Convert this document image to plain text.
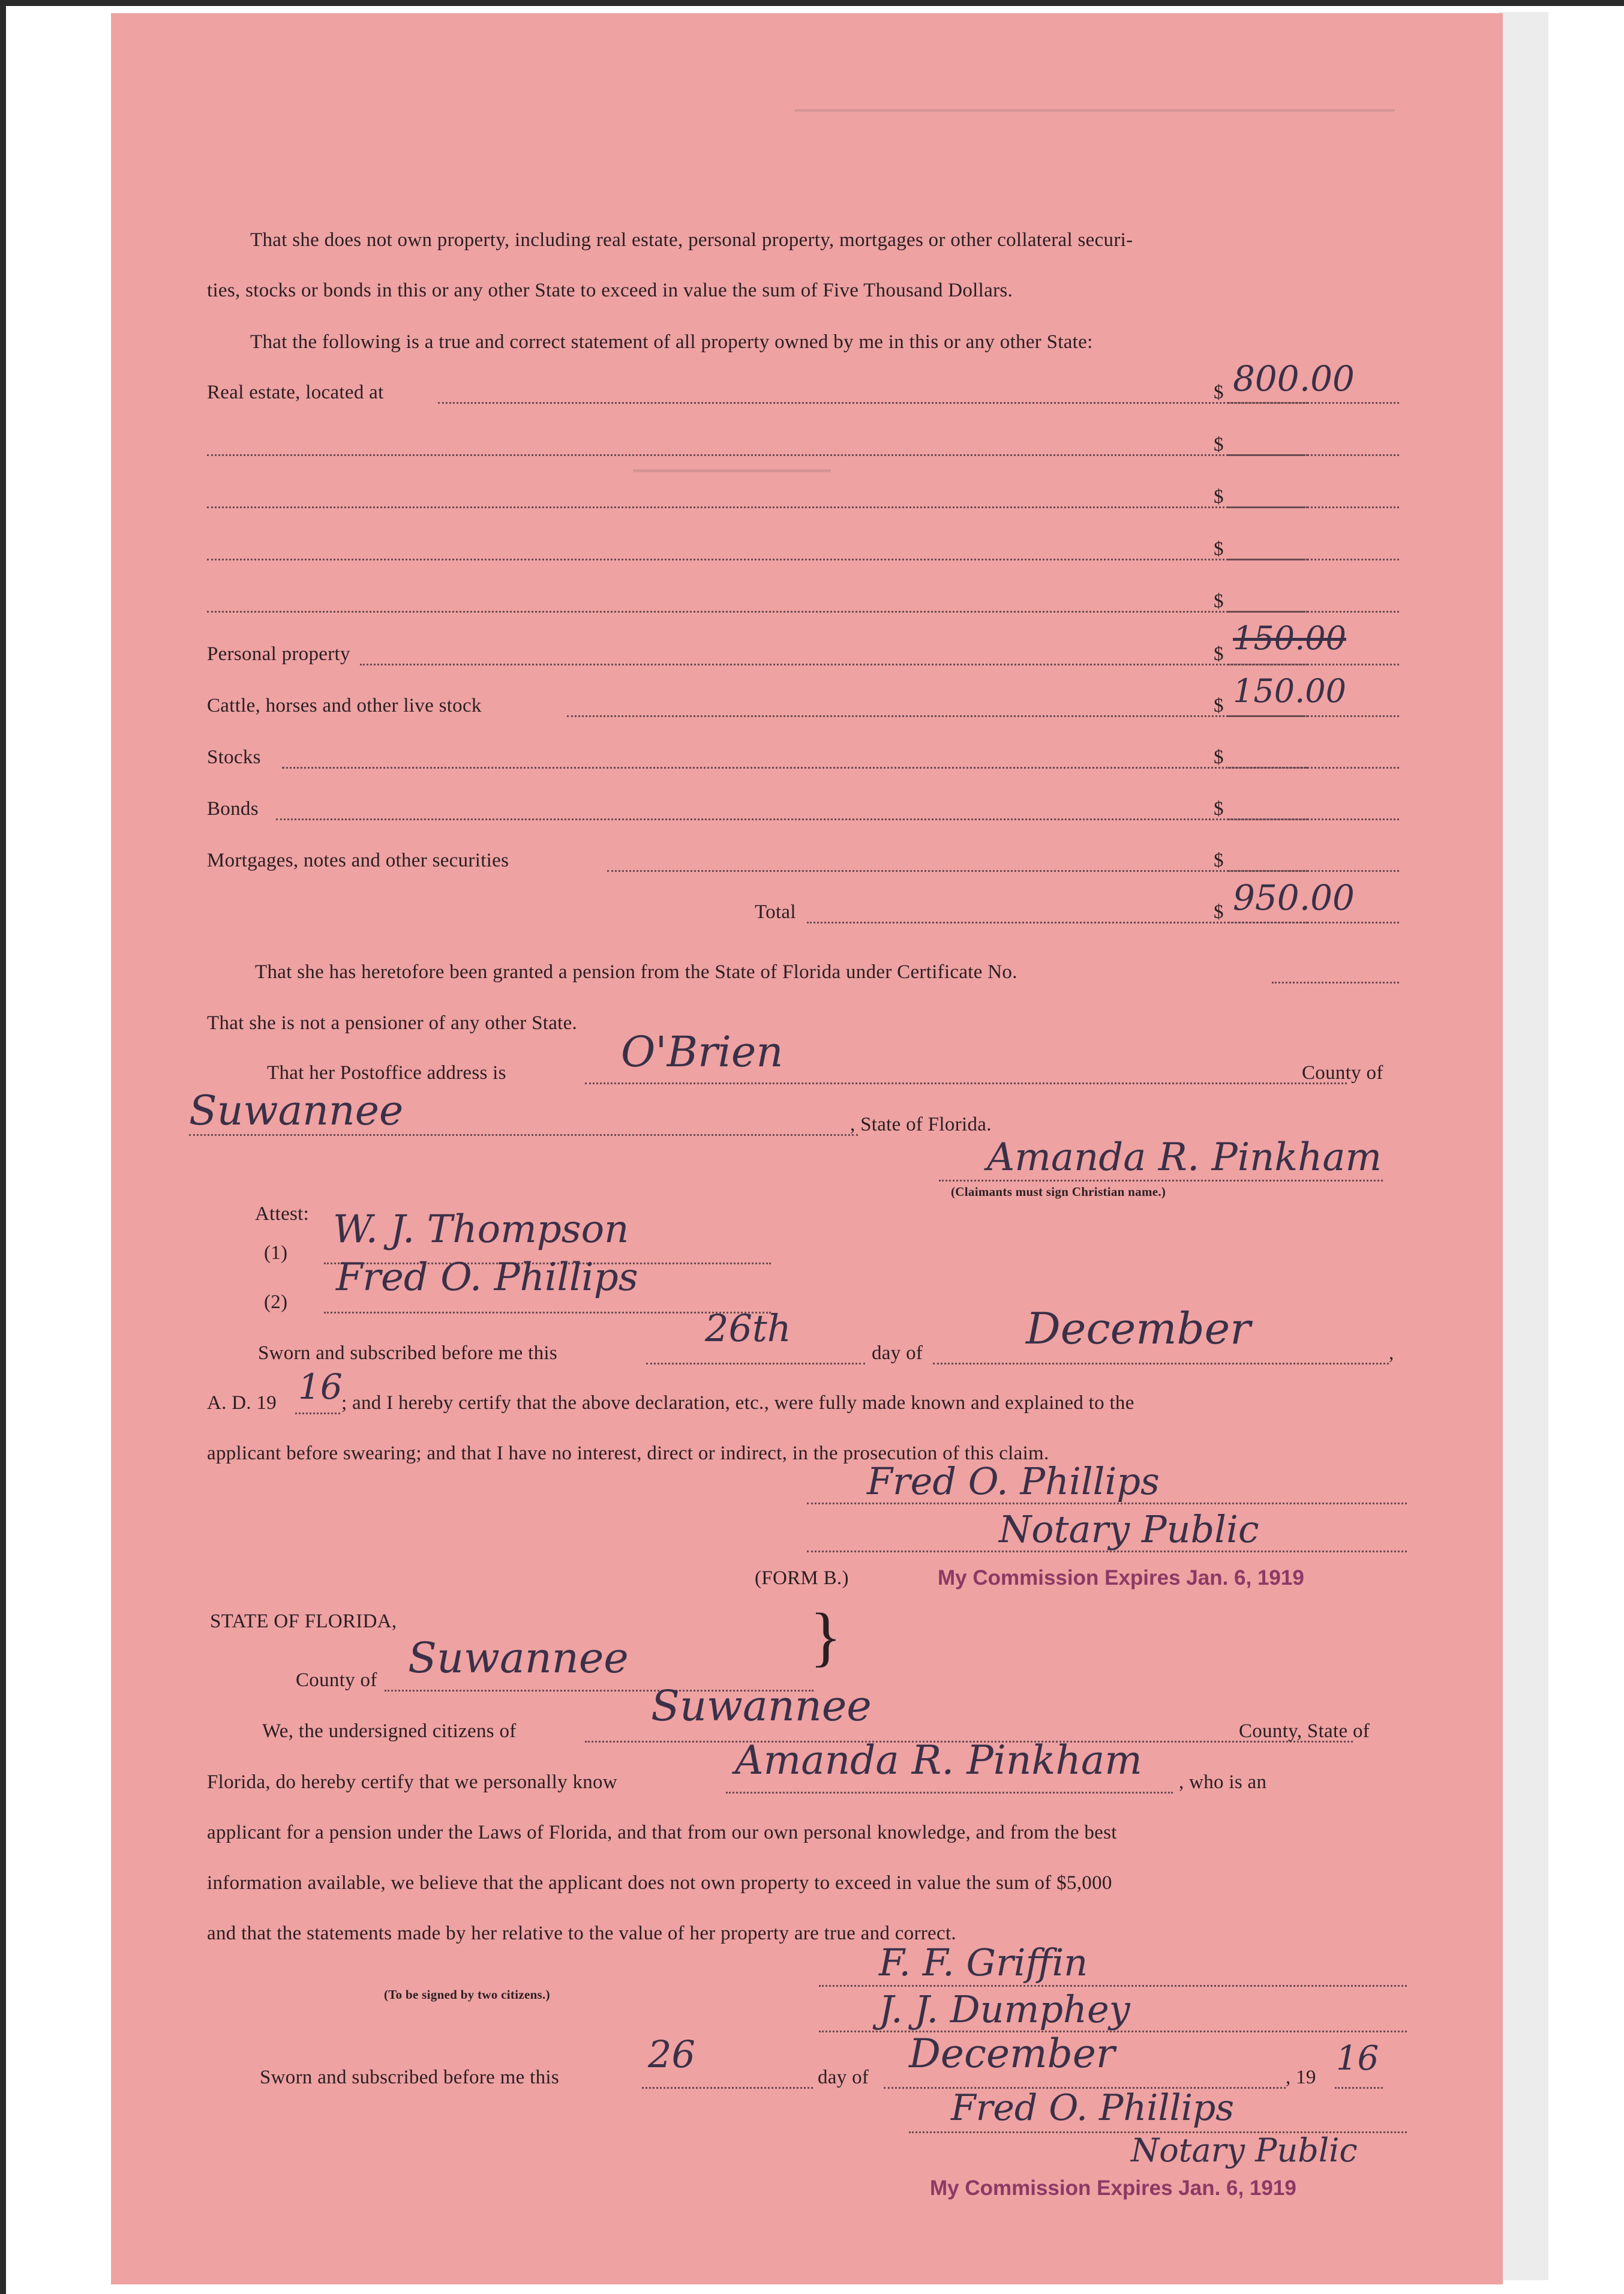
That she does not own property, including real estate, personal property, mortgages or other collateral securi-
ties, stocks or bonds in this or any other State to exceed in value the sum of Five Thousand Dollars.
That the following is a true and correct statement of all property owned by me in this or any other State:
Real estate, located at	$ 800.00
$
$
$
$
Personal property	$ 150.00
Cattle, horses and other live stock	$ 150.00
Stocks	$
Bonds	$
Mortgages, notes and other securities	$
Total	$ 950.00
That she has heretofore been granted a pension from the State of Florida under Certificate No.
That she is not a pensioner of any other State.
That her Postoffice address is	O'Brien	County of
Suwannee	, State of Florida.
Amanda R. Pinkham
(Claimants must sign Christian name.)
Attest:
(1)
W. J. Thompson
(2)
Fred O. Phillips
Sworn and subscribed before me this
26th
day of December	,
A. D. 19 16
; and I hereby certify that the above declaration, etc., were fully made known and explained to the
applicant before swearing; and that I have no interest, direct or indirect, in the prosecution of this claim.
Fred O. Phillips
Notary Public
(FORM B.)	My Commission Expires Jan. 6, 1919
STATE OF FLORIDA,	}
County of Suwannee
We, the undersigned citizens of
Suwannee
County, State of
Florida, do hereby certify that we personally know	Amanda R. Pinkham , who is an
applicant for a pension under the Laws of Florida, and that from our own personal knowledge, and from the best
information available, we believe that the applicant does not own property to exceed in value the sum of $5,000
and that the statements made by her relative to the value of her property are true and correct.
F. F. Griffin
(To be signed by two citizens.)	J. J. Dumphey
Sworn and subscribed before me this
26
day of
December
, 19 16
Fred O. Phillips
Notary Public
My Commission Expires Jan. 6, 1919
